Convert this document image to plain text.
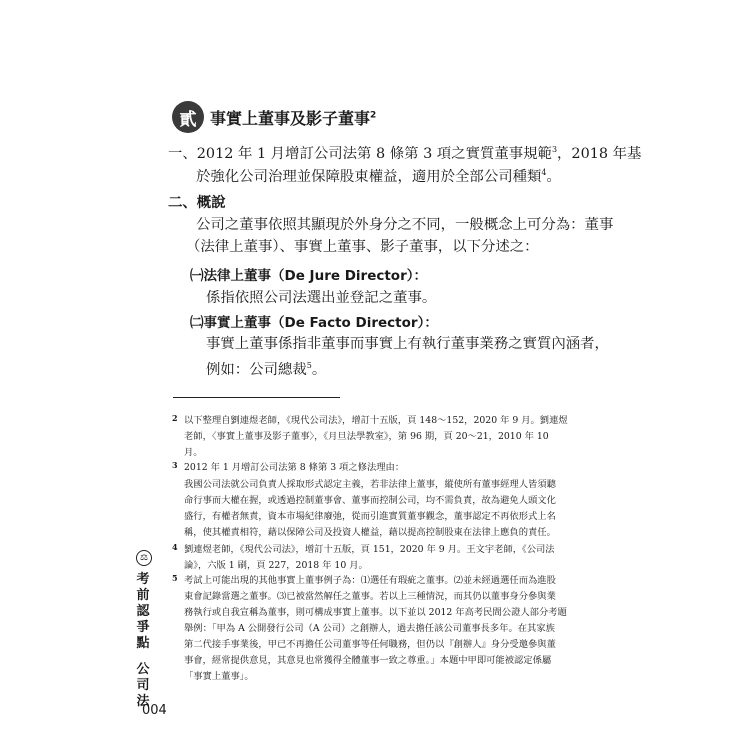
貳 事實上董事及影子董事$^2$
一、2012 年 1 月增訂公司法第 8 條第 3 項之實質董事規範$^3$，2018 年基
於強化公司治理並保障股東權益，適用於全部公司種類$^4$。
二、概說
公司之董事依照其顯現於外身分之不同，一般概念上可分為：董事
（法律上董事）、事實上董事、影子董事，以下分述之：
㈠法律上董事（De Jure Director）：
係指依照公司法選出並登記之董事。
㈡事實上董事（De Facto Director）：
事實上董事係指非董事而事實上有執行董事業務之實質內涵者，
例如：公司總裁$^5$。
2 以下整理自劉連煜老師，《現代公司法》，增訂十五版，頁 148～152，2020 年 9 月。劉連煜
老師，〈事實上董事及影子董事〉，《月旦法學教室》，第 96 期，頁 20～21，2010 年 10
月。
3 2012 年 1 月增訂公司法第 8 條第 3 項之修法理由：
我國公司法就公司負責人採取形式認定主義，若非法律上董事，縱使所有董事經理人皆須聽
命行事而大權在握，或透過控制董事會、董事而控制公司，均不需負責，故為避免人頭文化
盛行，有權者無責，資本市場紀律廢弛，從而引進實質董事觀念，董事認定不再依形式上名
稱，使其權責相符，藉以保障公司及投資人權益，藉以提高控制股東在法律上應負的責任。
4 劉連煜老師，《現代公司法》，增訂十五版，頁 151，2020 年 9 月。王文宇老師，《公司法
論》，六版 1 刷，頁 227，2018 年 10 月。
5 考試上可能出現的其他事實上董事例子為：⑴選任有瑕疵之董事。⑵並未經過選任而為進股
東會記錄當選之董事。⑶已被當然解任之董事。若以上三種情況，而其仍以董事身分參與業
務執行或自我宣稱為董事，則可構成事實上董事。以下並以 2012 年高考民間公證人部分考題
舉例：「甲為 A 公開發行公司（A 公司）之創辦人，過去擔任該公司董事長多年。在其家族
第二代接手事業後，甲已不再擔任公司董事等任何職務，但仍以『創辦人』身分受邀參與董
事會，經常提供意見，其意見也常獲得全體董事一致之尊重。」本題中甲即可能被認定係屬
「事實上董事」。
⚖
考
前
認
爭
點
公
司
法
004
